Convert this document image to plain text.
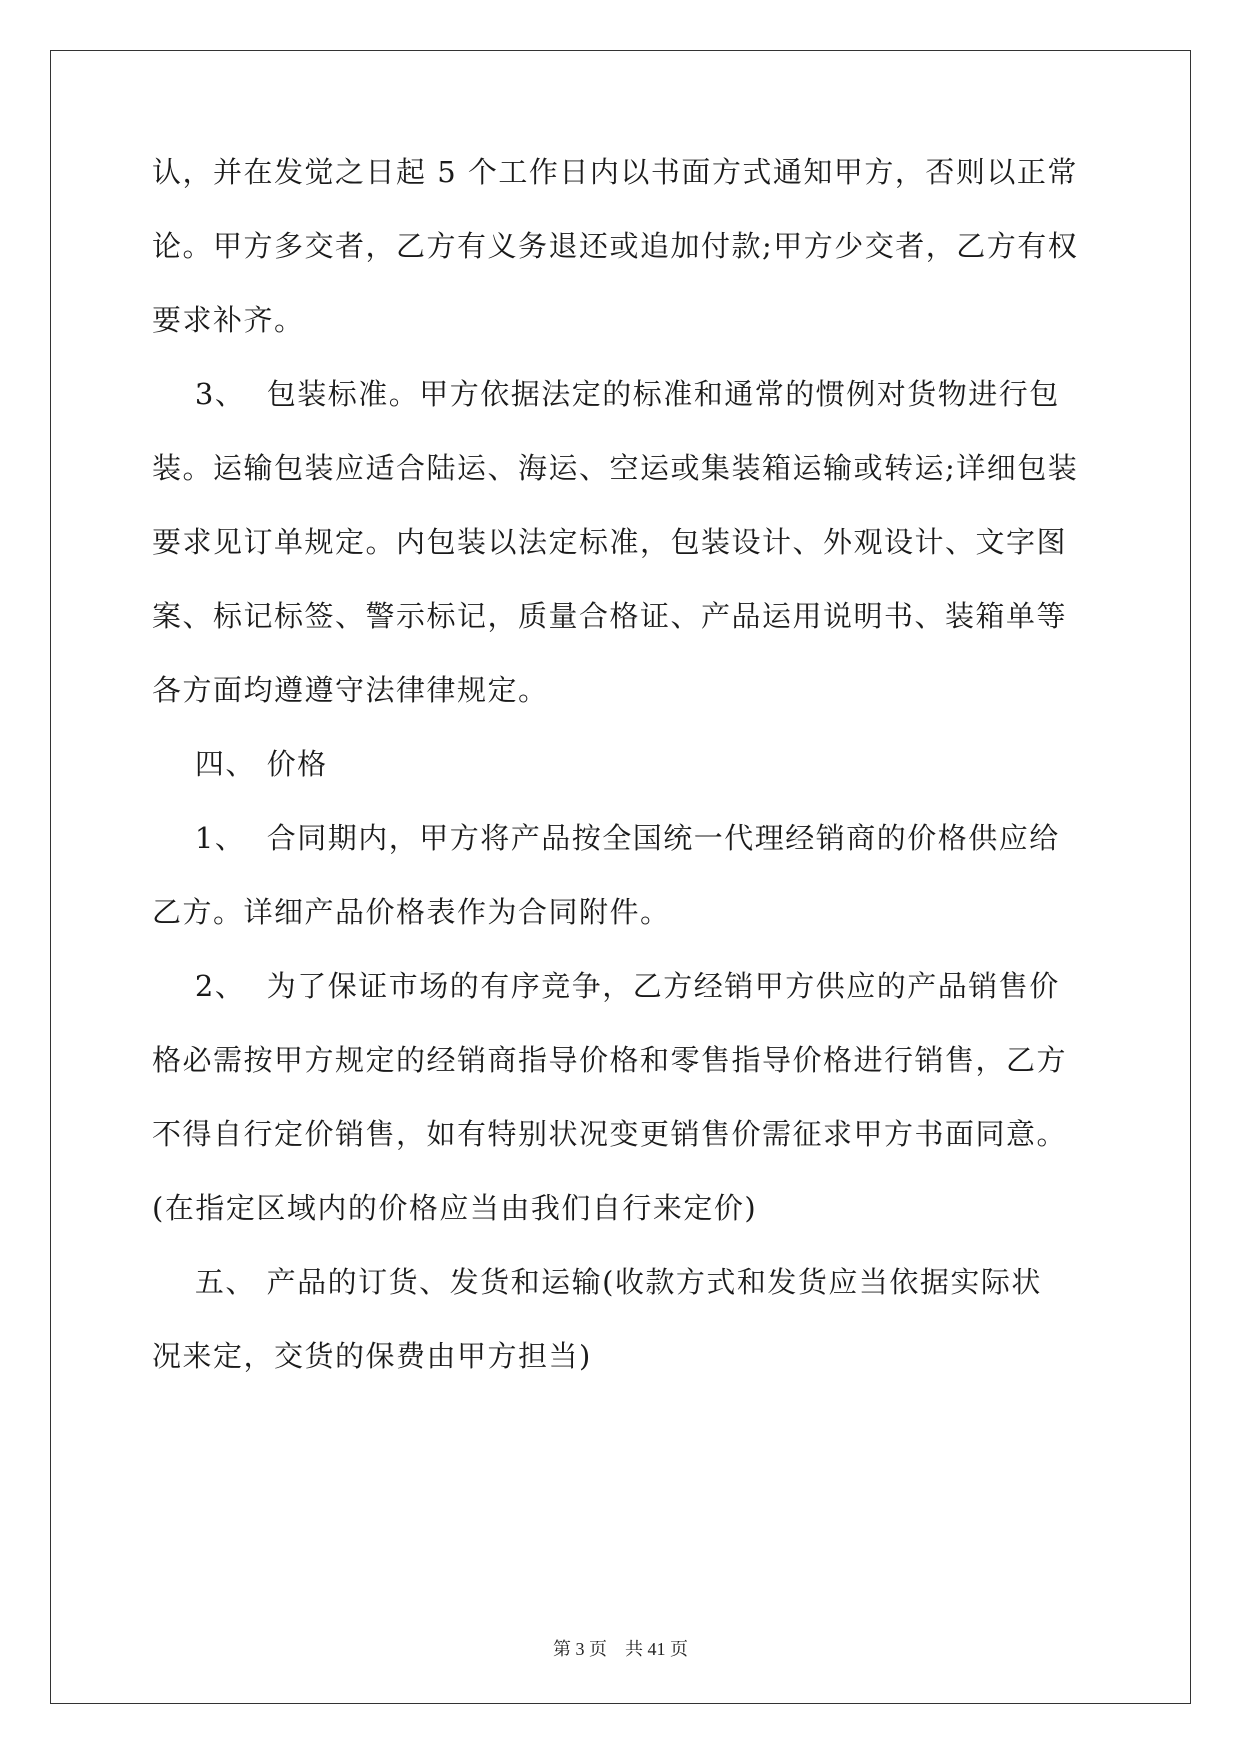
认，并在发觉之日起 5 个工作日内以书面方式通知甲方，否则以正常
论。甲方多交者，乙方有义务退还或追加付款;甲方少交者，乙方有权
要求补齐。
3、  包装标准。甲方依据法定的标准和通常的惯例对货物进行包
装。运输包装应适合陆运、海运、空运或集装箱运输或转运;详细包装
要求见订单规定。内包装以法定标准，包装设计、外观设计、文字图
案、标记标签、警示标记，质量合格证、产品运用说明书、装箱单等
各方面均遵遵守法律律规定。
四、 价格
1、  合同期内，甲方将产品按全国统一代理经销商的价格供应给
乙方。详细产品价格表作为合同附件。
2、  为了保证市场的有序竞争，乙方经销甲方供应的产品销售价
格必需按甲方规定的经销商指导价格和零售指导价格进行销售，乙方
不得自行定价销售，如有特别状况变更销售价需征求甲方书面同意。
(在指定区域内的价格应当由我们自行来定价)
五、 产品的订货、发货和运输(收款方式和发货应当依据实际状
况来定，交货的保费由甲方担当)
第 3 页    共 41 页
